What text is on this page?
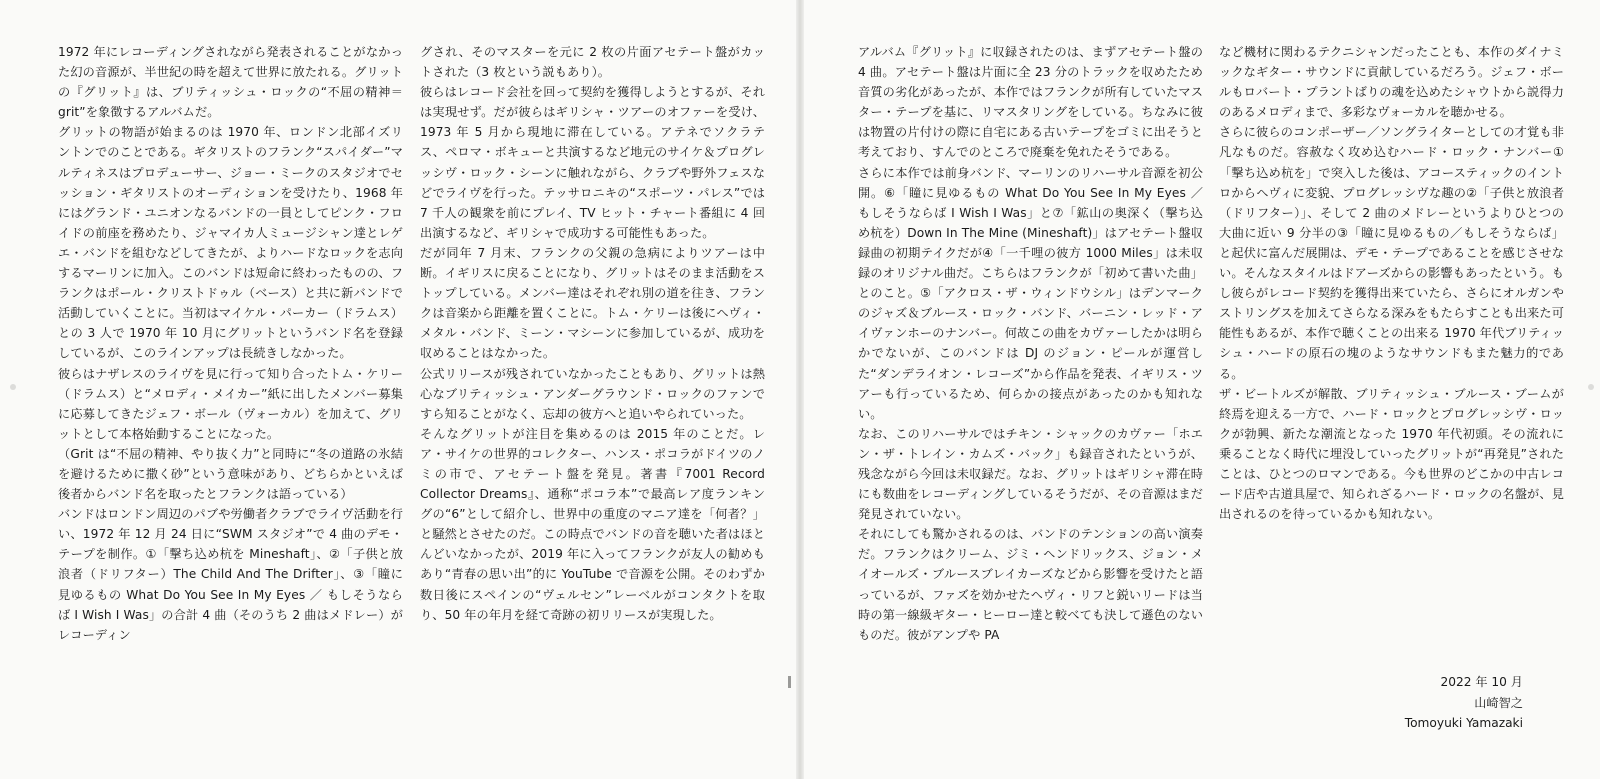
1972 年にレコーディングされながら発表されることがなかった幻の音源が、半世紀の時を超えて世界に放たれる。グリットの『グリット』は、ブリティッシュ・ロックの“不屈の精神＝grit”を象徴するアルバムだ。

グリットの物語が始まるのは 1970 年、ロンドン北部イズリントンでのことである。ギタリストのフランク“スパイダー”マルティネスはプロデューサー、ジョー・ミークのスタジオでセッション・ギタリストのオーディションを受けたり、1968 年にはグランド・ユニオンなるバンドの一員としてピンク・フロイドの前座を務めたり、ジャマイカ人ミュージシャン達とレゲエ・バンドを組むなどしてきたが、よりハードなロックを志向するマーリンに加入。このバンドは短命に終わったものの、フランクはポール・クリストドゥル（ベース）と共に新バンドで活動していくことに。当初はマイケル・パーカー（ドラムス）との 3 人で 1970 年 10 月にグリットというバンド名を登録しているが、このラインアップは長続きしなかった。

彼らはナザレスのライヴを見に行って知り合ったトム・ケリー（ドラムス）と“メロディ・メイカー”紙に出したメンバー募集に応募してきたジェフ・ボール（ヴォーカル）を加えて、グリットとして本格始動することになった。

（Grit は“不屈の精神、やり抜く力”と同時に“冬の道路の氷結を避けるために撒く砂”という意味があり、どちらかといえば後者からバンド名を取ったとフランクは語っている）

バンドはロンドン周辺のパブや労働者クラブでライヴ活動を行い、1972 年 12 月 24 日に“SWM スタジオ”で 4 曲のデモ・テープを制作。①「撃ち込め杭を Mineshaft」、②「子供と放浪者（ドリフター）The Child And The Drifter」、③「瞳に見ゆるもの What Do You See In My Eyes ／ もしそうならば I Wish I Was」の合計 4 曲（そのうち 2 曲はメドレー）がレコーディン

グされ、そのマスターを元に 2 枚の片面アセテート盤がカットされた（3 枚という説もあり）。

彼らはレコード会社を回って契約を獲得しようとするが、それは実現せず。だが彼らはギリシャ・ツアーのオファーを受け、1973 年 5 月から現地に滞在している。アテネでソクラテス、ペロマ・ボキューと共演するなど地元のサイケ＆プログレッシヴ・ロック・シーンに触れながら、クラブや野外フェスなどでライヴを行った。テッサロニキの“スポーツ・パレス”では 7 千人の観衆を前にプレイ、TV ヒット・チャート番組に 4 回出演するなど、ギリシャで成功する可能性もあった。

だが同年 7 月末、フランクの父親の急病によりツアーは中断。イギリスに戻ることになり、グリットはそのまま活動をストップしている。メンバー達はそれぞれ別の道を往き、フランクは音楽から距離を置くことに。トム・ケリーは後にヘヴィ・メタル・バンド、ミーン・マシーンに参加しているが、成功を収めることはなかった。

公式リリースが残されていなかったこともあり、グリットは熱心なブリティッシュ・アンダーグラウンド・ロックのファンですら知ることがなく、忘却の彼方へと追いやられていった。

そんなグリットが注目を集めるのは 2015 年のことだ。レア・サイケの世界的コレクター、ハンス・ポコラがドイツのノミの市で、アセテート盤を発見。著書『7001 Record Collector Dreams』、通称“ポコラ本”で最高レア度ランキングの“6”として紹介し、世界中の重度のマニア達を「何者？」と騒然とさせたのだ。この時点でバンドの音を聴いた者はほとんどいなかったが、2019 年に入ってフランクが友人の勧めもあり“青春の思い出”的に YouTube で音源を公開。そのわずか数日後にスペインの“ヴェルセン”レーベルがコンタクトを取り、50 年の年月を経て奇跡の初リリースが実現した。

アルバム『グリット』に収録されたのは、まずアセテート盤の 4 曲。アセテート盤は片面に全 23 分のトラックを収めたため音質の劣化があったが、本作ではフランクが所有していたマスター・テープを基に、リマスタリングをしている。ちなみに彼は物置の片付けの際に自宅にある古いテープをゴミに出そうと考えており、すんでのところで廃棄を免れたそうである。

さらに本作では前身バンド、マーリンのリハーサル音源を初公開。⑥「瞳に見ゆるもの What Do You See In My Eyes ／ もしそうならば I Wish I Was」と⑦「鉱山の奥深く（撃ち込め杭を）Down In The Mine (Mineshaft)」はアセテート盤収録曲の初期テイクだが④「一千哩の彼方 1000 Miles」は未収録のオリジナル曲だ。こちらはフランクが「初めて書いた曲」とのこと。⑤「アクロス・ザ・ウィンドウシル」はデンマークのジャズ＆ブルース・ロック・バンド、バーニン・レッド・アイヴァンホーのナンバー。何故この曲をカヴァーしたかは明らかでないが、このバンドは DJ のジョン・ピールが運営した“ダンデライオン・レコーズ”から作品を発表、イギリス・ツアーも行っているため、何らかの接点があったのかも知れない。

なお、このリハーサルではチキン・シャックのカヴァー「ホエン・ザ・トレイン・カムズ・バック」も録音されたというが、残念ながら今回は未収録だ。なお、グリットはギリシャ滞在時にも数曲をレコーディングしているそうだが、その音源はまだ発見されていない。

それにしても驚かされるのは、バンドのテンションの高い演奏だ。フランクはクリーム、ジミ・ヘンドリックス、ジョン・メイオールズ・ブルースブレイカーズなどから影響を受けたと語っているが、ファズを効かせたヘヴィ・リフと鋭いリードは当時の第一線級ギター・ヒーロー達と較べても決して遜色のないものだ。彼がアンプや PA

など機材に関わるテクニシャンだったことも、本作のダイナミックなギター・サウンドに貢献しているだろう。ジェフ・ボールもロバート・プラントばりの魂を込めたシャウトから説得力のあるメロディまで、多彩なヴォーカルを聴かせる。

さらに彼らのコンポーザー／ソングライターとしての才覚も非凡なものだ。容赦なく攻め込むハード・ロック・ナンバー①「撃ち込め杭を」で突入した後は、アコースティックのイントロからヘヴィに変貌、プログレッシヴな趣の②「子供と放浪者（ドリフター）」、そして 2 曲のメドレーというよりひとつの大曲に近い 9 分半の③「瞳に見ゆるもの／もしそうならば」と起伏に富んだ展開は、デモ・テープであることを感じさせない。そんなスタイルはドアーズからの影響もあったという。もし彼らがレコード契約を獲得出来ていたら、さらにオルガンやストリングスを加えてさらなる深みをもたらすことも出来た可能性もあるが、本作で聴くことの出来る 1970 年代ブリティッシュ・ハードの原石の塊のようなサウンドもまた魅力的である。

ザ・ビートルズが解散、ブリティッシュ・ブルース・ブームが終焉を迎える一方で、ハード・ロックとプログレッシヴ・ロックが勃興、新たな潮流となった 1970 年代初頭。その流れに乗ることなく時代に埋没していったグリットが“再発見”されたことは、ひとつのロマンである。今も世界のどこかの中古レコード店や古道具屋で、知られざるハード・ロックの名盤が、見出されるのを待っているかも知れない。

2022 年 10 月
山崎智之
Tomoyuki Yamazaki
